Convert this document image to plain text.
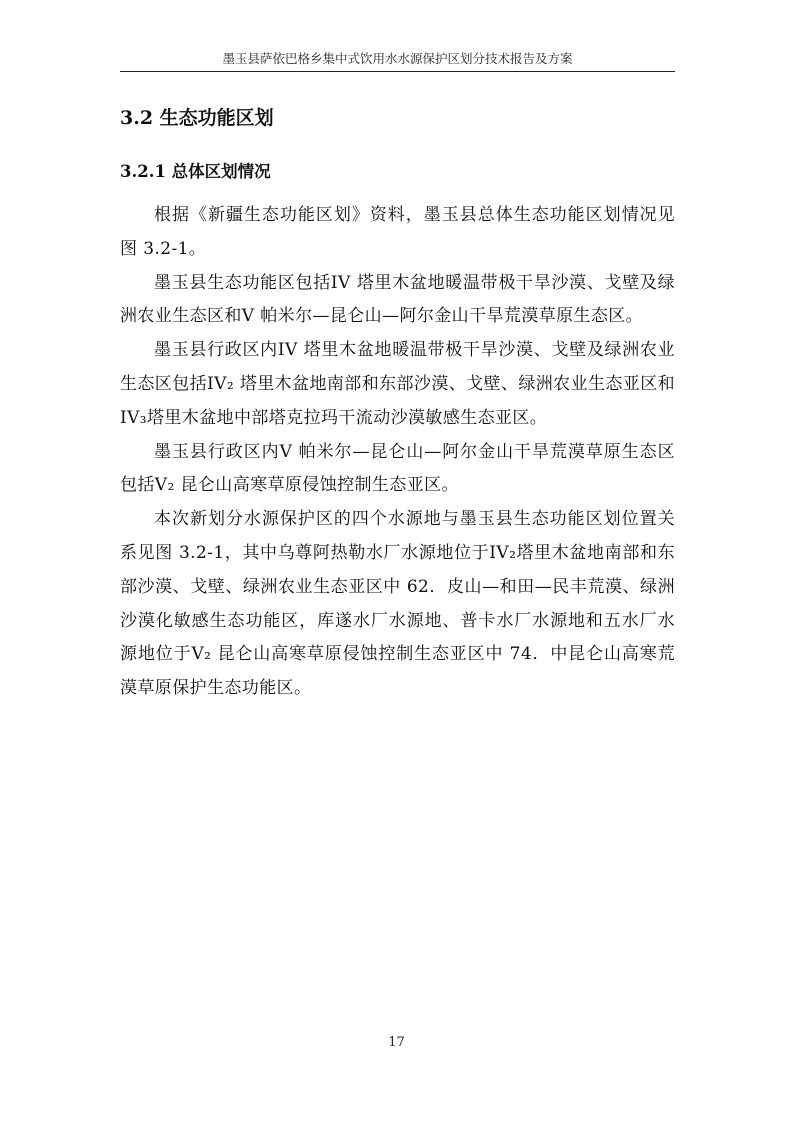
墨玉县萨依巴格乡集中式饮用水水源保护区划分技术报告及方案
3.2 生态功能区划
3.2.1 总体区划情况

根据《新疆生态功能区划》资料，墨玉县总体生态功能区划情况见图 3.2-1。

墨玉县生态功能区包括IV 塔里木盆地暖温带极干旱沙漠、戈壁及绿洲农业生态区和V 帕米尔—昆仑山—阿尔金山干旱荒漠草原生态区。

墨玉县行政区内IV 塔里木盆地暖温带极干旱沙漠、戈壁及绿洲农业生态区包括IV₂ 塔里木盆地南部和东部沙漠、戈壁、绿洲农业生态亚区和IV₃塔里木盆地中部塔克拉玛干流动沙漠敏感生态亚区。

墨玉县行政区内V 帕米尔—昆仑山—阿尔金山干旱荒漠草原生态区包括V₂ 昆仑山高寒草原侵蚀控制生态亚区。

本次新划分水源保护区的四个水源地与墨玉县生态功能区划位置关系见图 3.2-1，其中乌尊阿热勒水厂水源地位于IV₂塔里木盆地南部和东部沙漠、戈壁、绿洲农业生态亚区中 62．皮山—和田—民丰荒漠、绿洲沙漠化敏感生态功能区，库遂水厂水源地、普卡水厂水源地和五水厂水源地位于V₂ 昆仑山高寒草原侵蚀控制生态亚区中 74．中昆仑山高寒荒漠草原保护生态功能区。

17
